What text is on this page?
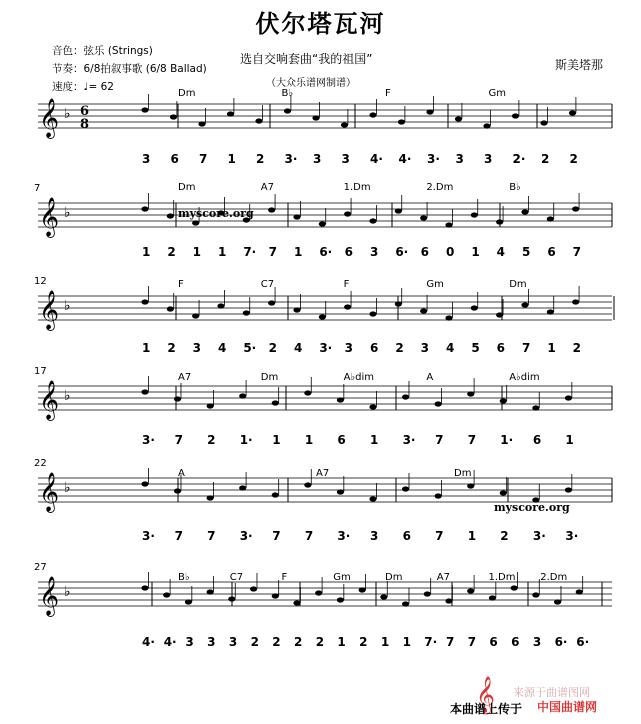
伏尔塔瓦河
音色：弦乐 (Strings)
节奏：6/8拍叙事歌 (6/8 Ballad)
速度：♩= 62
选自交响套曲“我的祖国”
（大众乐谱网制谱）
斯美塔那
𝄞 ♭ 6
8
Dm	B♭	F	Gm
3 6 7 1 2 3· 3 3 4· 4· 3· 3 3 2· 2 2
𝄞 ♭
7	Dm	A7	1.Dm	2.Dm	B♭
1 2 1 1 7· 7 1 6· 6 3 6· 6 0 1 4 5 6 7
𝄞 ♭
12	F	C7	F	Gm	Dm
1 2 3 4 5· 2 4 3· 3 6 2 3 4 5 6 7 1 2
𝄞 ♭
17
A7	Dm	A♭dim	A	A♭dim
3· 7 2 1· 1 1 6 1 3· 7 7 1· 6 1
𝄞 ♭
22
A	A7	Dm
3· 7 7 3· 7 7 3· 3 6 7 1 2 3· 3·
𝄞 ♭
27
B♭	C7	F	Gm	Dm	A7	1.Dm 2.Dm
4· 4· 3 3 3 2 2 2 2 1 2 1 1 7· 7 7 6 6 3 6· 6·
myscore.org
myscore.org
来源于曲谱图网
𝄞
本曲谱上传于 中国曲谱网
